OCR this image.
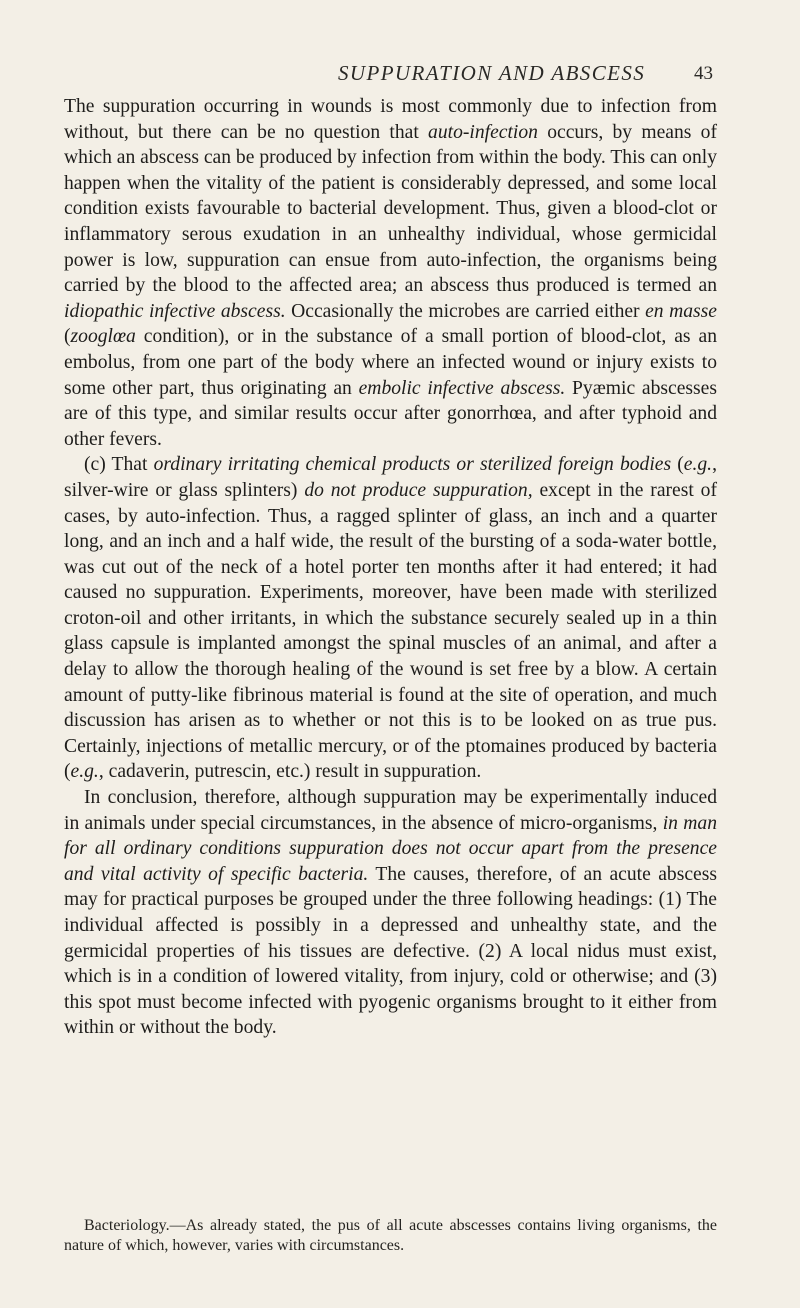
SUPPURATION AND ABSCESS	43

The suppuration occurring in wounds is most commonly due to infection from without, but there can be no question that auto-infection occurs, by means of which an abscess can be produced by infection from within the body. This can only happen when the vitality of the patient is considerably depressed, and some local condition exists favourable to bacterial development. Thus, given a blood-clot or inflammatory serous exudation in an unhealthy individual, whose germicidal power is low, suppuration can ensue from auto-infection, the organisms being carried by the blood to the affected area; an abscess thus produced is termed an idiopathic infective abscess. Occasionally the microbes are carried either en masse (zooglœa condition), or in the substance of a small portion of blood-clot, as an embolus, from one part of the body where an infected wound or injury exists to some other part, thus originating an embolic infective abscess. Pyæmic abscesses are of this type, and similar results occur after gonorrhœa, and after typhoid and other fevers.

(c) That ordinary irritating chemical products or sterilized foreign bodies (e.g., silver-wire or glass splinters) do not produce suppuration, except in the rarest of cases, by auto-infection. Thus, a ragged splinter of glass, an inch and a quarter long, and an inch and a half wide, the result of the bursting of a soda-water bottle, was cut out of the neck of a hotel porter ten months after it had entered; it had caused no suppuration. Experiments, moreover, have been made with sterilized croton-oil and other irritants, in which the substance securely sealed up in a thin glass capsule is implanted amongst the spinal muscles of an animal, and after a delay to allow the thorough healing of the wound is set free by a blow. A certain amount of putty-like fibrinous material is found at the site of operation, and much discussion has arisen as to whether or not this is to be looked on as true pus. Certainly, injections of metallic mercury, or of the ptomaines produced by bacteria (e.g., cadaverin, putrescin, etc.) result in suppuration.

In conclusion, therefore, although suppuration may be experimentally induced in animals under special circumstances, in the absence of micro-organisms, in man for all ordinary conditions suppuration does not occur apart from the presence and vital activity of specific bacteria. The causes, therefore, of an acute abscess may for practical purposes be grouped under the three following headings: (1) The individual affected is possibly in a depressed and unhealthy state, and the germicidal properties of his tissues are defective. (2) A local nidus must exist, which is in a condition of lowered vitality, from injury, cold or otherwise; and (3) this spot must become infected with pyogenic organisms brought to it either from within or without the body.

Bacteriology.—As already stated, the pus of all acute abscesses contains living organisms, the nature of which, however, varies with circumstances.
